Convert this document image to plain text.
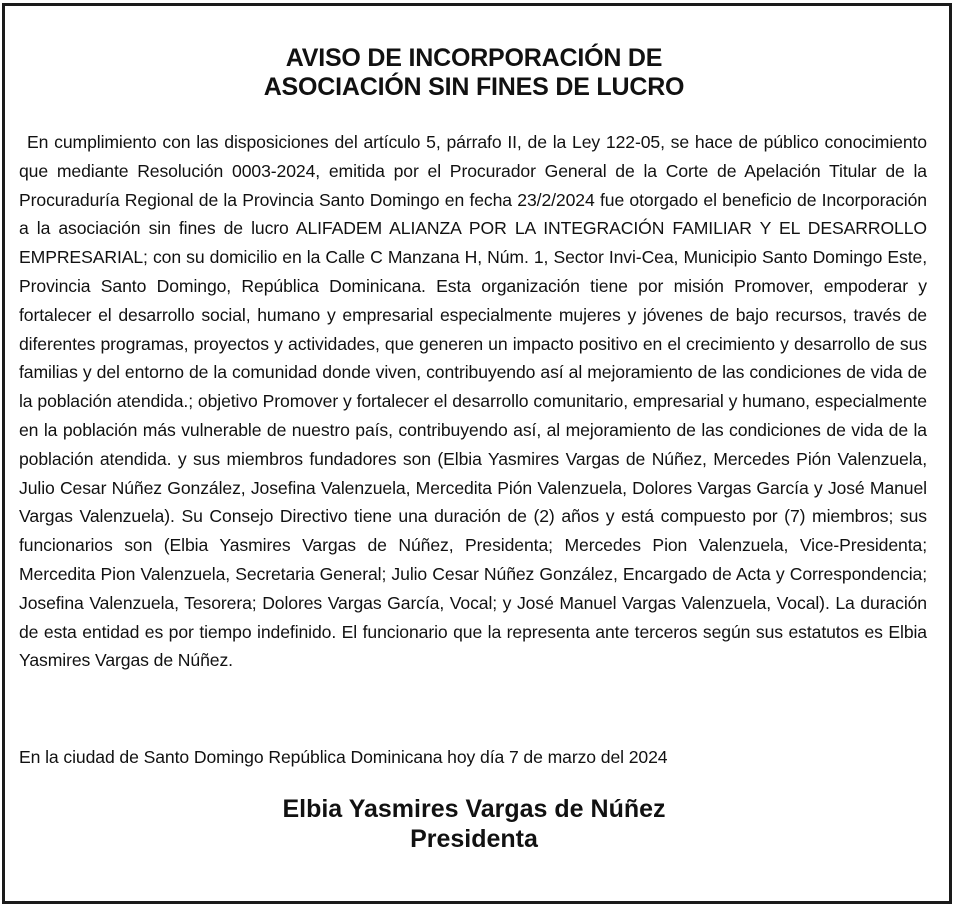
AVISO DE INCORPORACIÓN DE
ASOCIACIÓN SIN FINES DE LUCRO

En cumplimiento con las disposiciones del artículo 5, párrafo II, de la Ley 122-05, se hace de público conocimiento que mediante Resolución 0003-2024, emitida por el Procurador General de la Corte de Apelación Titular de la Procuraduría Regional de la Provincia Santo Domingo en fecha 23/2/2024 fue otorgado el beneficio de Incorporación a la asociación sin fines de lucro ALIFADEM ALIANZA POR LA INTEGRACIÓN FAMILIAR Y EL DESARROLLO EMPRESARIAL; con su domicilio en la Calle C Manzana H, Núm. 1, Sector Invi-Cea, Municipio Santo Domingo Este, Provincia Santo Domingo, República Dominicana. Esta organización tiene por misión Promover, empoderar y fortalecer el desarrollo social, humano y empresarial especialmente mujeres y jóvenes de bajo recursos, través de diferentes programas, proyectos y actividades, que generen un impacto positivo en el crecimiento y desarrollo de sus familias y del entorno de la comunidad donde viven, contribuyendo así al mejoramiento de las condiciones de vida de la población atendida.; objetivo Promover y fortalecer el desarrollo comunitario, empresarial y humano, especialmente en la población más vulnerable de nuestro país, contribuyendo así, al mejoramiento de las condiciones de vida de la población atendida. y sus miembros fundadores son (Elbia Yasmires Vargas de Núñez, Mercedes Pión Valenzuela, Julio Cesar Núñez González, Josefina Valenzuela, Mercedita Pión Valenzuela, Dolores Vargas García y José Manuel Vargas Valenzuela). Su Consejo Directivo tiene una duración de (2) años y está compuesto por (7) miembros; sus funcionarios son (Elbia Yasmires Vargas de Núñez, Presidenta; Mercedes Pion Valenzuela, Vice-Presidenta; Mercedita Pion Valenzuela, Secretaria General; Julio Cesar Núñez González, Encargado de Acta y Correspondencia; Josefina Valenzuela, Tesorera; Dolores Vargas García, Vocal; y José Manuel Vargas Valenzuela, Vocal). La duración de esta entidad es por tiempo indefinido. El funcionario que la representa ante terceros según sus estatutos es Elbia Yasmires Vargas de Núñez.

En la ciudad de Santo Domingo República Dominicana hoy día 7 de marzo del 2024
Elbia Yasmires Vargas de Núñez
Presidenta
